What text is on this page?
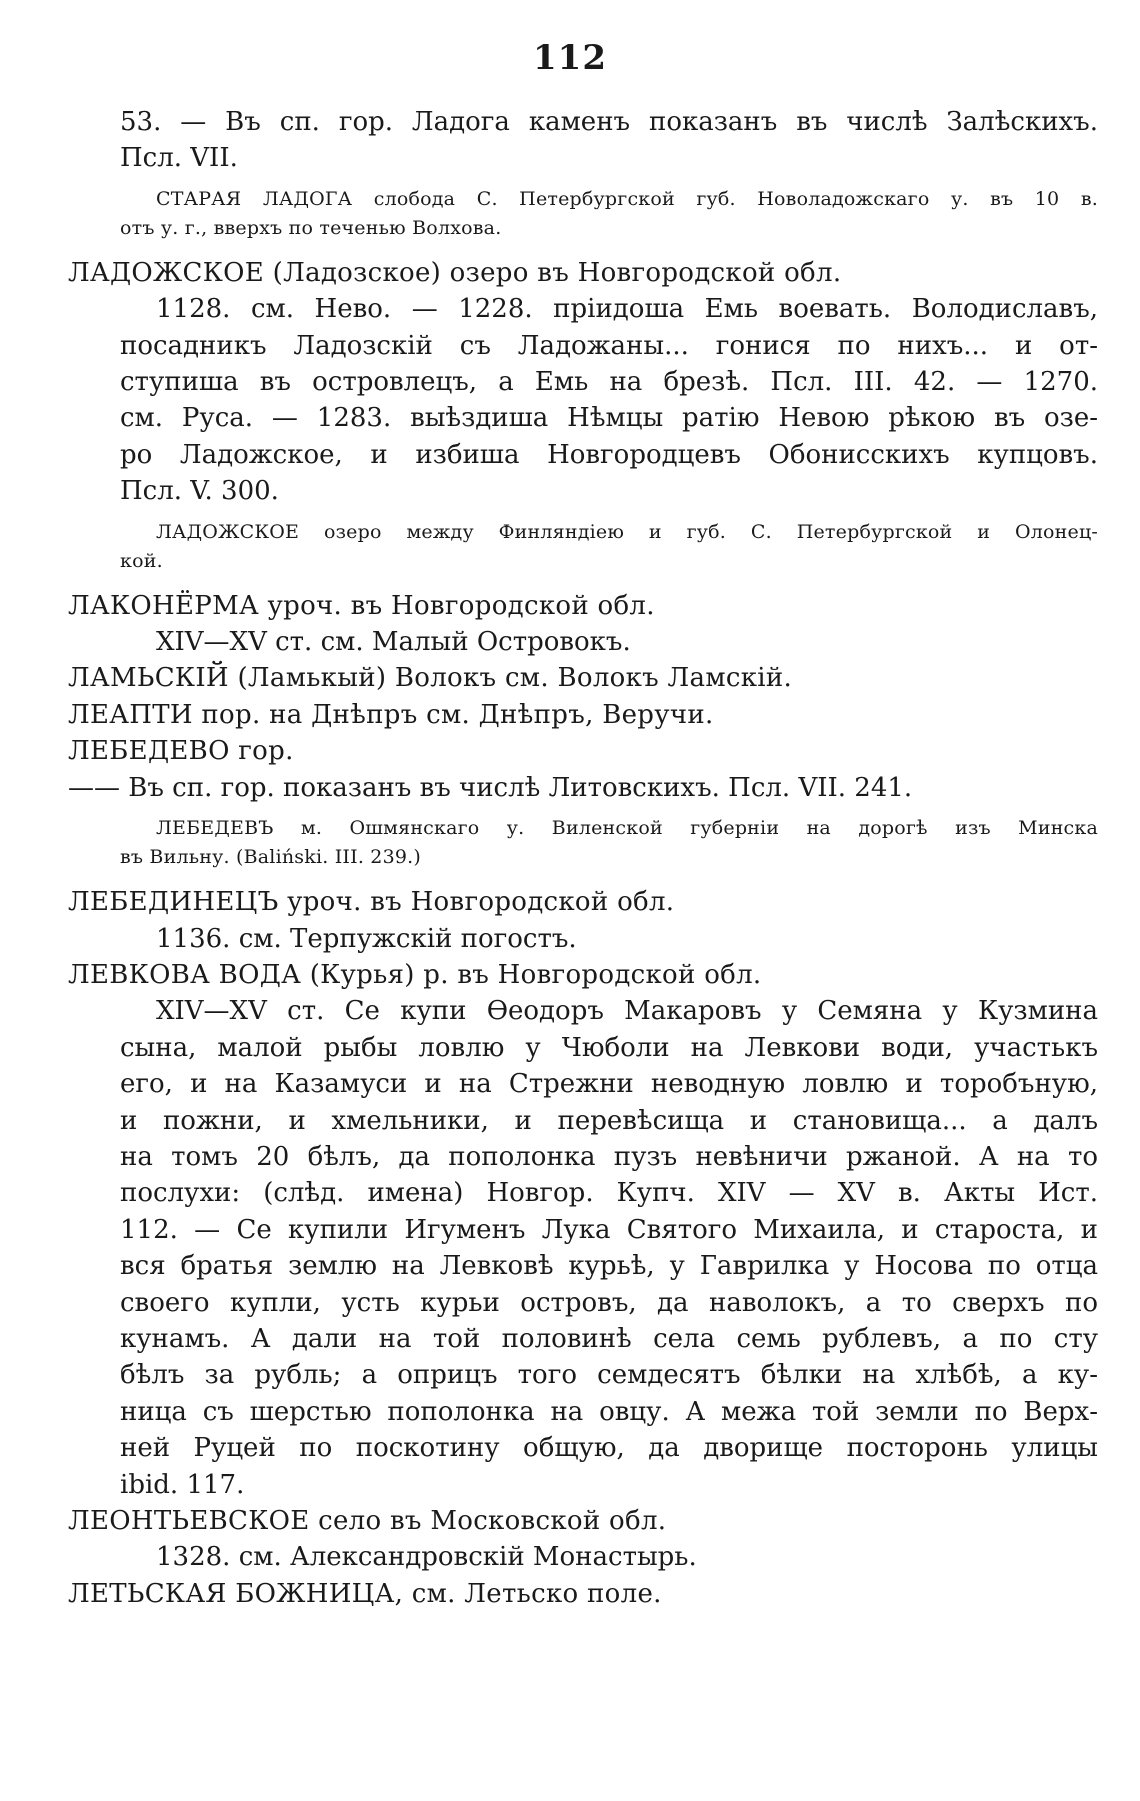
112
53. — Въ сп. гор. Ладога каменъ показанъ въ числѣ Залѣскихъ.
Псл. VII.
СТАРАЯ ЛАДОГА слобода С. Петербургской губ. Новоладожскаго у. въ 10 в.
отъ у. г., вверхъ по теченью Волхова.
ЛАДОЖСКОЕ (Ладозское) озеро въ Новгородской обл.
1128. см. Нево. — 1228. пріидоша Емь воевать. Володиславъ,
посадникъ Ладозскій съ Ладожаны... гонися по нихъ... и от-
ступиша въ островлецъ, а Емь на брезѣ. Псл. III. 42. — 1270.
см. Руса. — 1283. выѣздиша Нѣмцы ратію Невою рѣкою въ озе-
ро Ладожское, и избиша Новгородцевъ Обонисскихъ купцовъ.
Псл. V. 300.
ЛАДОЖСКОЕ озеро между Финляндіею и губ. С. Петербургской и Олонец-
кой.
ЛАКОНЁРМА уроч. въ Новгородской обл.
XIV—XV ст. см. Малый Островокъ.
ЛАМЬСКІЙ (Ламькый) Волокъ см. Волокъ Ламскій.
ЛЕАПТИ пор. на Днѣпръ см. Днѣпръ, Веручи.
ЛЕБЕДЕВО гор.
—— Въ сп. гор. показанъ въ числѣ Литовскихъ. Псл. VII. 241.
ЛЕБЕДЕВЪ м. Ошмянскаго у. Виленской губерніи на дорогѣ изъ Минска
въ Вильну. (Baliński. III. 239.)
ЛЕБЕДИНЕЦЪ уроч. въ Новгородской обл.
1136. см. Терпужскій погостъ.
ЛЕВКОВА ВОДА (Курья) р. въ Новгородской обл.
XIV—XV ст. Се купи Ѳеодоръ Макаровъ у Семяна у Кузмина
сына, малой рыбы ловлю у Чюболи на Левкови води, участькъ
его, и на Казамуси и на Стрежни неводную ловлю и торобъную,
и пожни, и хмельники, и перевѣсища и становища... а далъ
на томъ 20 бѣлъ, да пополонка пузъ невѣничи ржаной. А на то
послухи: (слѣд. имена) Новгор. Купч. XIV — XV в. Акты Ист.
112. — Се купили Игуменъ Лука Святого Михаила, и староста, и
вся братья землю на Левковѣ курьѣ, у Гаврилка у Носова по отца
своего купли, усть курьи островъ, да наволокъ, а то сверхъ по
кунамъ. А дали на той половинѣ села семь рублевъ, а по сту
бѣлъ за рубль; а оприцъ того семдесятъ бѣлки на хлѣбѣ, а ку-
ница съ шерстью пополонка на овцу. А межа той земли по Верх-
ней Руцей по поскотину общую, да дворище посторонь улицы
ibid. 117.
ЛЕОНТЬЕВСКОЕ село въ Московской обл.
1328. см. Александровскій Монастырь.
ЛЕТЬСКАЯ БОЖНИЦА, см. Летьско поле.
